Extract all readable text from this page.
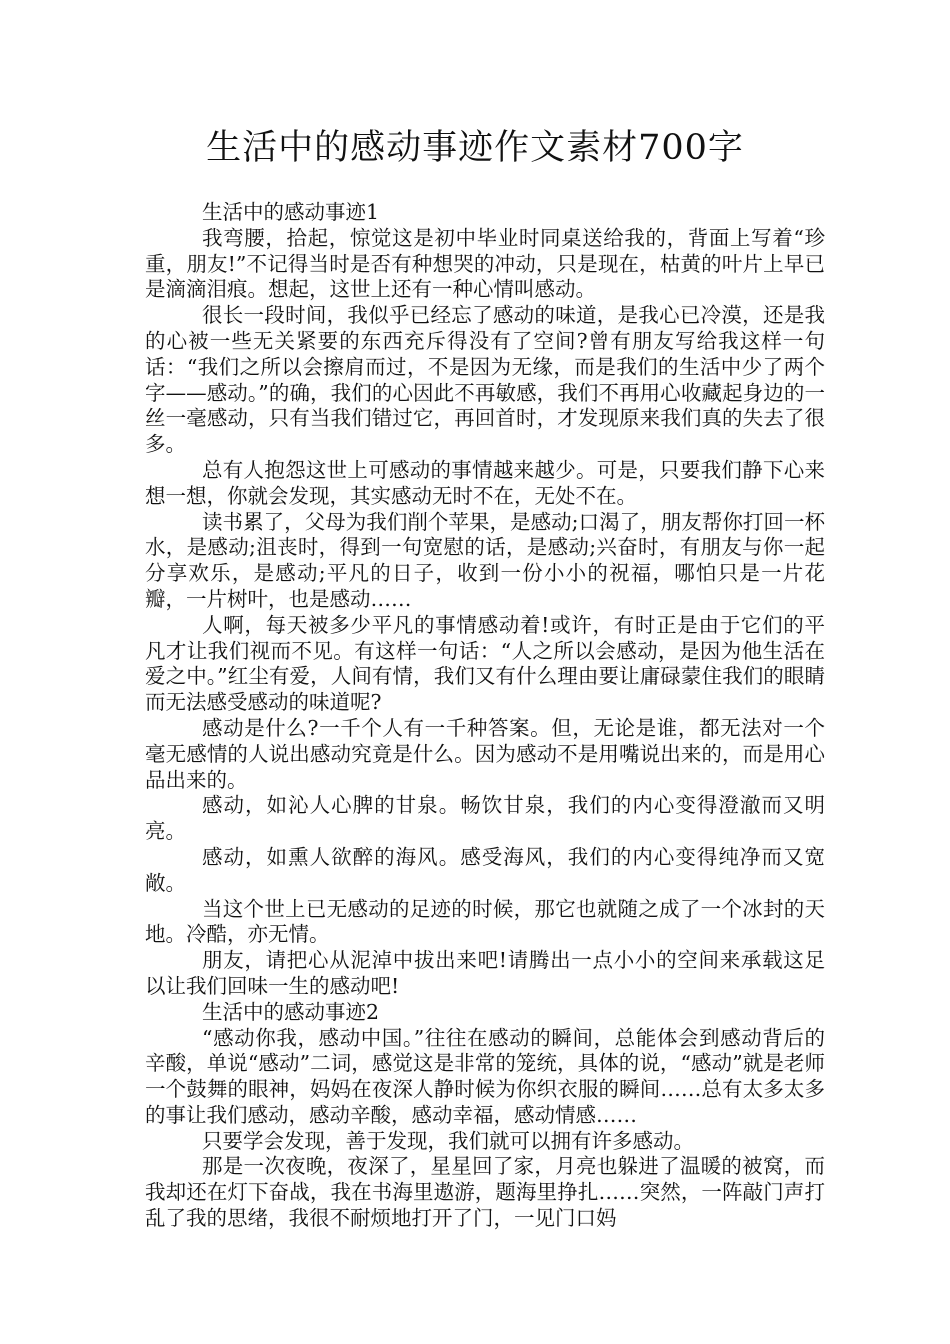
生活中的感动事迹作文素材700字

生活中的感动事迹1

我弯腰，拾起，惊觉这是初中毕业时同桌送给我的，背面上写着“珍重，朋友!”不记得当时是否有种想哭的冲动，只是现在，枯黄的叶片上早已是滴滴泪痕。想起，这世上还有一种心情叫感动。

很长一段时间，我似乎已经忘了感动的味道，是我心已冷漠，还是我的心被一些无关紧要的东西充斥得没有了空间?曾有朋友写给我这样一句话：“我们之所以会擦肩而过，不是因为无缘，而是我们的生活中少了两个字——感动。”的确，我们的心因此不再敏感，我们不再用心收藏起身边的一丝一毫感动，只有当我们错过它，再回首时，才发现原来我们真的失去了很多。

总有人抱怨这世上可感动的事情越来越少。可是，只要我们静下心来想一想，你就会发现，其实感动无时不在，无处不在。

读书累了，父母为我们削个苹果，是感动;口渴了，朋友帮你打回一杯水，是感动;沮丧时，得到一句宽慰的话，是感动;兴奋时，有朋友与你一起分享欢乐，是感动;平凡的日子，收到一份小小的祝福，哪怕只是一片花瓣，一片树叶，也是感动……

人啊，每天被多少平凡的事情感动着!或许，有时正是由于它们的平凡才让我们视而不见。有这样一句话：“人之所以会感动，是因为他生活在爱之中。”红尘有爱，人间有情，我们又有什么理由要让庸碌蒙住我们的眼睛而无法感受感动的味道呢?

感动是什么?一千个人有一千种答案。但，无论是谁，都无法对一个毫无感情的人说出感动究竟是什么。因为感动不是用嘴说出来的，而是用心品出来的。

感动，如沁人心脾的甘泉。畅饮甘泉，我们的内心变得澄澈而又明亮。

感动，如熏人欲醉的海风。感受海风，我们的内心变得纯净而又宽敞。

当这个世上已无感动的足迹的时候，那它也就随之成了一个冰封的天地。冷酷，亦无情。

朋友，请把心从泥淖中拔出来吧!请腾出一点小小的空间来承载这足以让我们回味一生的感动吧!

生活中的感动事迹2

“感动你我，感动中国。”往往在感动的瞬间，总能体会到感动背后的辛酸，单说“感动”二词，感觉这是非常的笼统，具体的说，“感动”就是老师一个鼓舞的眼神，妈妈在夜深人静时候为你织衣服的瞬间……总有太多太多的事让我们感动，感动辛酸，感动幸福，感动情感……

只要学会发现，善于发现，我们就可以拥有许多感动。

那是一次夜晚，夜深了，星星回了家，月亮也躲进了温暖的被窝，而我却还在灯下奋战，我在书海里遨游，题海里挣扎……突然，一阵敲门声打乱了我的思绪，我很不耐烦地打开了门，一见门口妈
